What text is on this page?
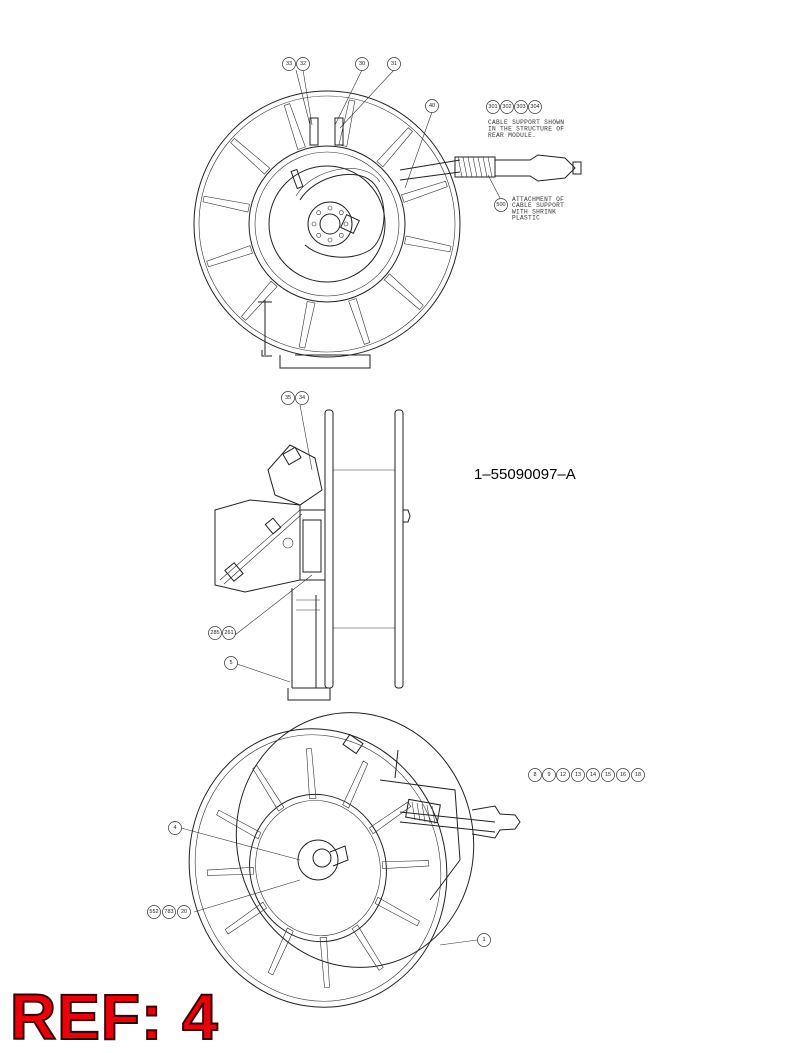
CABLE SUPPORT SHOWN IN THE STRUCTURE OF REAR MODULE.
ATTACHMENT OF CABLE SUPPORT WITH SHRINK PLASTIC
1–55090097–A
33 32	30	31
40	301 302 303 304
500
35 34
5
285 261
8 9 12 13 14 15 16 18
4
552 783 20
1
REF: 4
